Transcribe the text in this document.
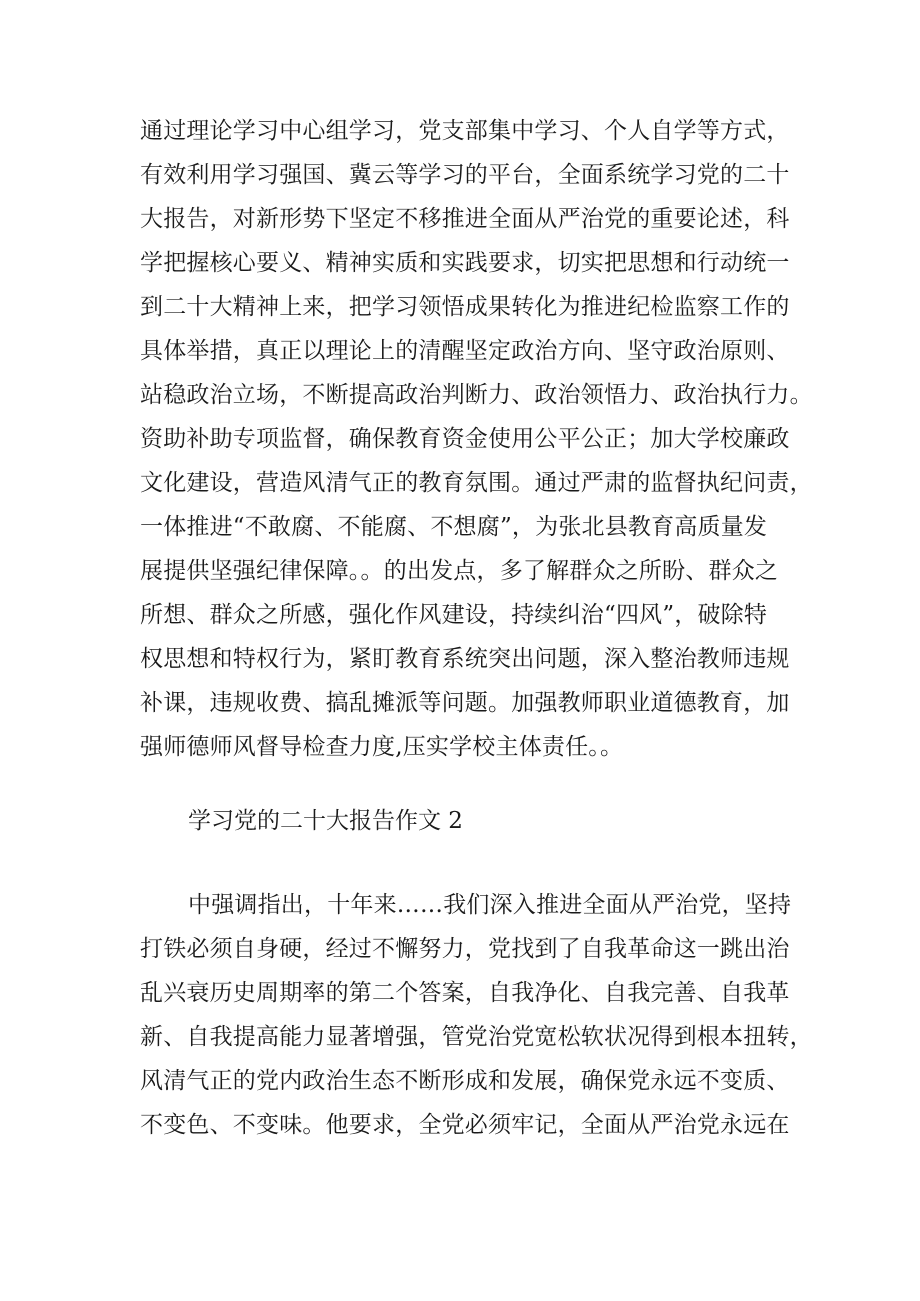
通过理论学习中心组学习，党支部集中学习、个人自学等方式，
有效利用学习强国、冀云等学习的平台，全面系统学习党的二十
大报告，对新形势下坚定不移推进全面从严治党的重要论述，科
学把握核心要义、精神实质和实践要求，切实把思想和行动统一
到二十大精神上来，把学习领悟成果转化为推进纪检监察工作的
具体举措，真正以理论上的清醒坚定政治方向、坚守政治原则、
站稳政治立场，不断提高政治判断力、政治领悟力、政治执行力。
资助补助专项监督，确保教育资金使用公平公正；加大学校廉政
文化建设，营造风清气正的教育氛围。通过严肃的监督执纪问责，
一体推进“不敢腐、不能腐、不想腐”，为张北县教育高质量发
展提供坚强纪律保障。。的出发点，多了解群众之所盼、群众之
所想、群众之所感，强化作风建设，持续纠治“四风”，破除特
权思想和特权行为，紧盯教育系统突出问题，深入整治教师违规
补课，违规收费、搞乱摊派等问题。加强教师职业道德教育，加
强师德师风督导检查力度,压实学校主体责任。。
学习党的二十大报告作文 2
中强调指出，十年来……我们深入推进全面从严治党，坚持
打铁必须自身硬，经过不懈努力，党找到了自我革命这一跳出治
乱兴衰历史周期率的第二个答案，自我净化、自我完善、自我革
新、自我提高能力显著增强，管党治党宽松软状况得到根本扭转，
风清气正的党内政治生态不断形成和发展，确保党永远不变质、
不变色、不变味。他要求，全党必须牢记，全面从严治党永远在
